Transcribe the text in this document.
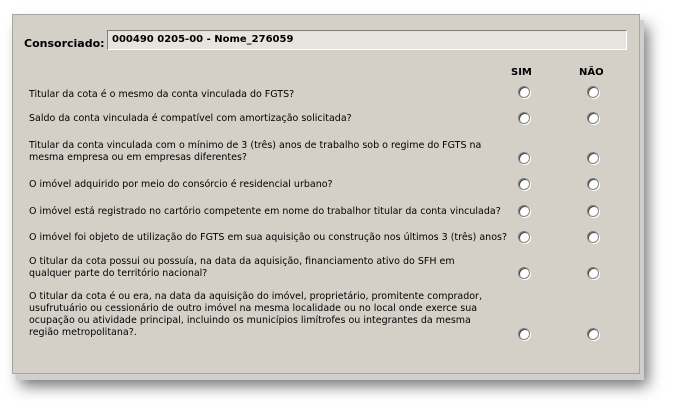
Consorciado: 000490 0205-00 - Nome_276059
SIM	NÃO
Titular da cota é o mesmo da conta vinculada do FGTS?
Saldo da conta vinculada é compatível com amortização solicitada?
Titular da conta vinculada com o mínimo de 3 (três) anos de trabalho sob o regime do FGTS na mesma empresa ou em empresas diferentes?
O imóvel adquirido por meio do consórcio é residencial urbano?
O imóvel está registrado no cartório competente em nome do trabalhor titular da conta vinculada?
O imóvel foi objeto de utilização do FGTS em sua aquisição ou construção nos últimos 3 (três) anos?
O titular da cota possui ou possuía, na data da aquisição, financiamento ativo do SFH em qualquer parte do território nacional?
O titular da cota é ou era, na data da aquisição do imóvel, proprietário, promitente comprador, usufrutuário ou cessionário de outro imóvel na mesma localidade ou no local onde exerce sua ocupação ou atividade principal, incluindo os municípios limítrofes ou integrantes da mesma região metropolitana?.
